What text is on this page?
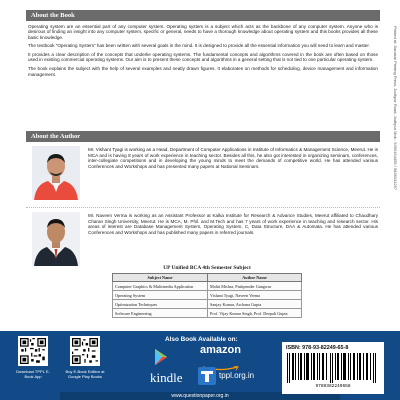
About the Book

Operating system are an essential part of any computer system. Operating system is a subject which acts as the backbone of any computer system. Anyone who is desirous of finding an insight into any computer system, specific or general, needs to have a thorough knowledge about operating system and this books provides all these basic knowledge.

The textbook “Operating System” has been written with several goals in the mind. It is designed to provide all the essential information you will need to learn and master.

It provides a clear description of the concepts that underlie operating systems. The fundamental concepts and algorithms covered in the book are often based on those used in existing commercial operating systems. Our aim is to present these concepts and algorithms in a general setting that is not tied to one particular operating system.

The book explains the subject with the help of several examples and neatly drawn figures. It elaborates on methods for scheduling, device management and information management.

About the Author

Mr. Vishant Tyagi is working as a Head, Department of Computer Applications in Institute of Informatics & Management Science, Meerut. He is MCA and is having 8 years of work experience in teaching sector. Besides all this, he also got interested in organizing seminars, conferences, inter-collegiate competitions and in developing the young minds to meet the demands of competitive world. He has attended various Conferences and Workshops and has presented many papers at National Seminars.

Mr. Naveen Verma is working as an Assistant Professor at Kalka Institute for Research & Advance Studies, Meerut affiliated to Chaudhary Charan Singh University, Meerut. He is MCA, M. Phil. and M.Tech and has 7 years of work experience in teaching and research sector. His areas of interest are Database Management System, Operating System, C, Data Structure, DAA & Automata. He has attended various Conferences and Workshops and has published many papers in referred journals.

UP Unified BCA 4th Semester Subject
Subject Name	Author Name
Computer Graphics & Multimedia Application	Mohit Mishra, Pushpender Gangwar
Operating System	Vishant Tyagi, Naveen Verma
Optimization Techniques	Sanjay Kumar, Archana Gupta
Software Engineering	Prof. Vijay Kumar Singh, Prof. Deepali Gupta
Download TPPL E-Book App
Buy E-Book Edition at Google Play Books
Also Book Available on:
amazon
kindle	tppl.org.in
www.questionpaper.org.in
ISBN: 978-93-82249-65-8
9789382249658
Printed at: Sanskar Printing Press, Jodhpur Road, Jodhpur Mob.: 9350154455 / 9828341257
